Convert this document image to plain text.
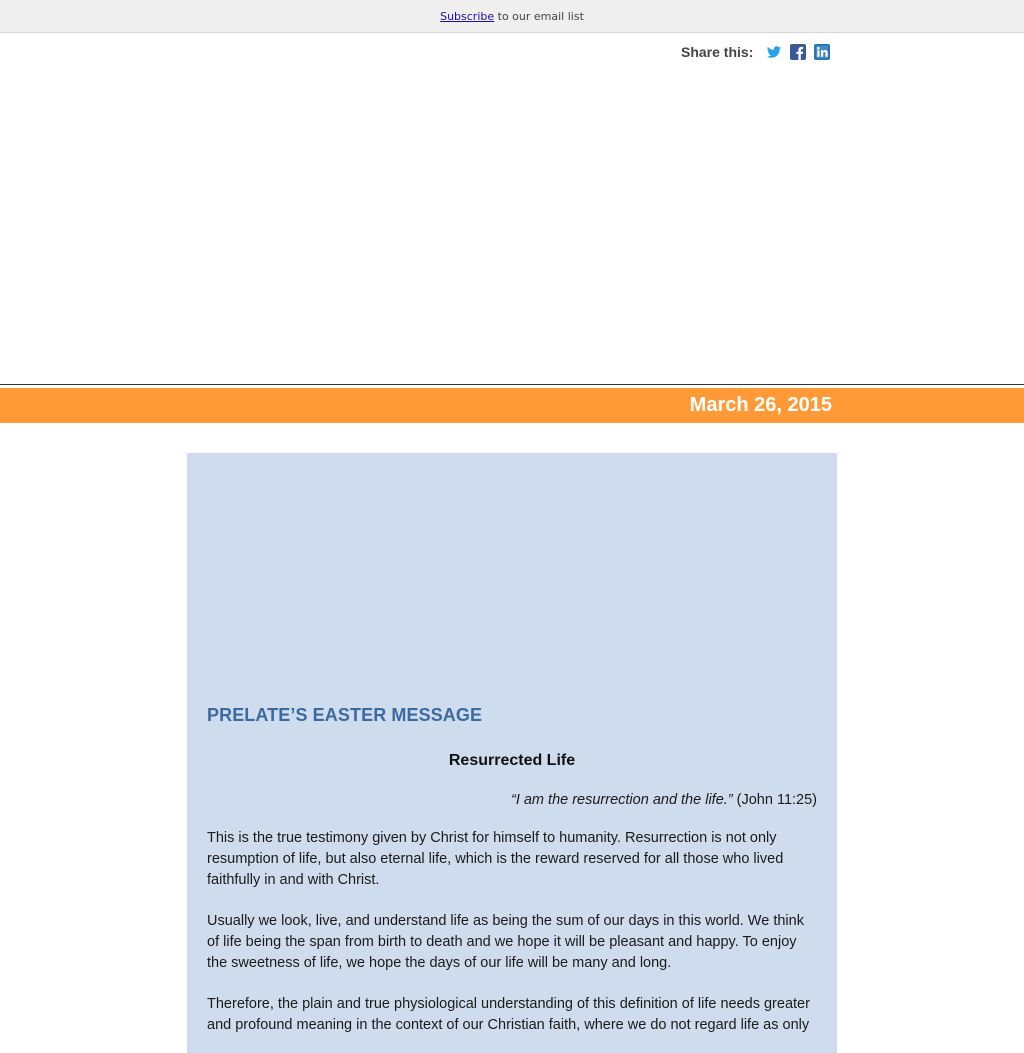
Subscribe to our email list
Share this:
March 26, 2015
PRELATE’S EASTER MESSAGE
Resurrected Life
“I am the resurrection and the life.” (John 11:25)

This is the true testimony given by Christ for himself to humanity. Resurrection is not only resumption of life, but also eternal life, which is the reward reserved for all those who lived faithfully in and with Christ.

Usually we look, live, and understand life as being the sum of our days in this world. We think of life being the span from birth to death and we hope it will be pleasant and happy. To enjoy the sweetness of life, we hope the days of our life will be many and long.

Therefore, the plain and true physiological understanding of this definition of life needs greater and profound meaning in the context of our Christian faith, where we do not regard life as only
